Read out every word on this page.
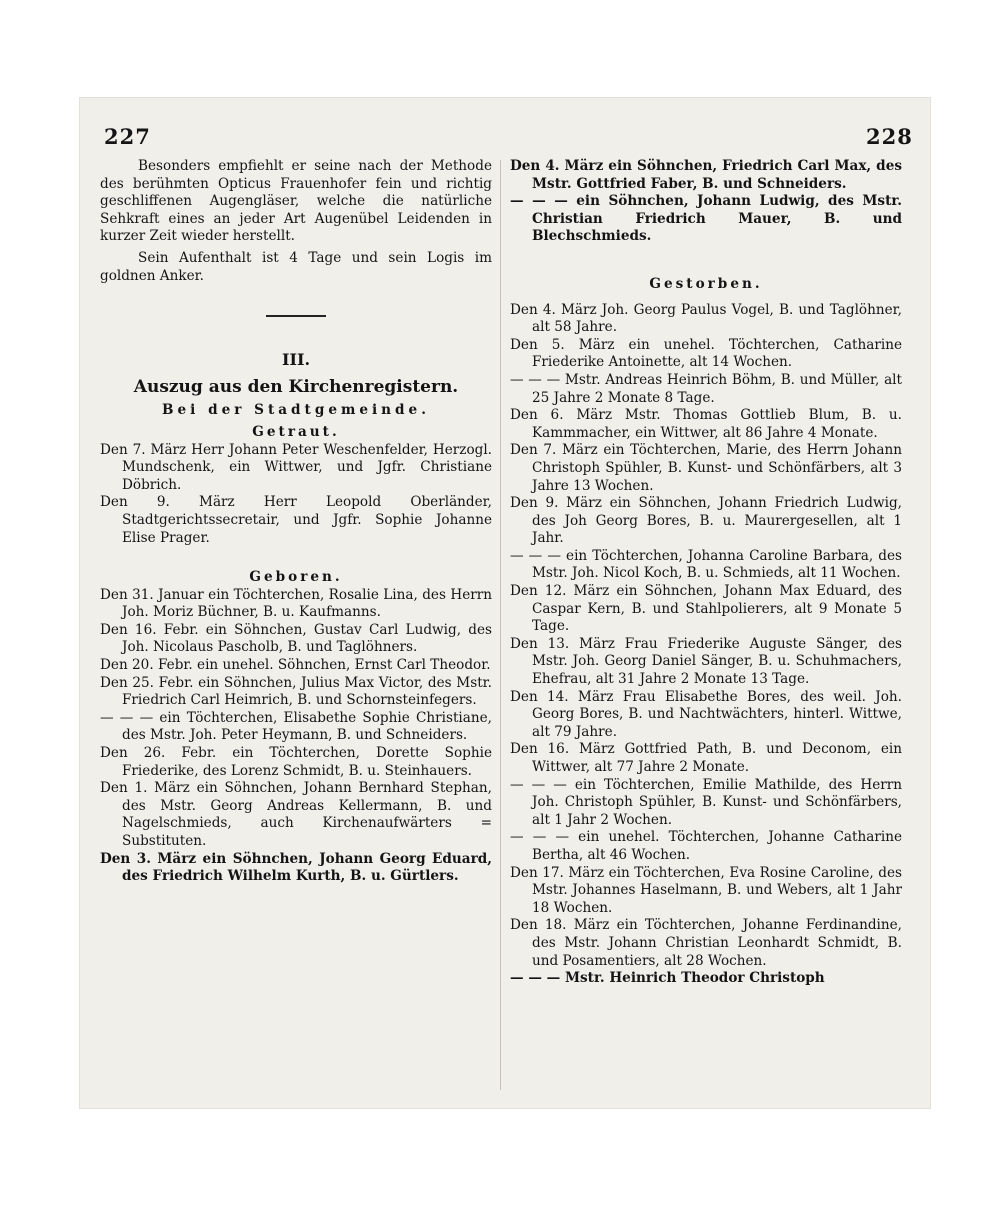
227	228

Besonders empfiehlt er seine nach der Methode des berühmten Opticus Frauenhofer fein und richtig geschliffenen Augengläser, welche die natürliche Sehkraft eines an jeder Art Augenübel Leidenden in kurzer Zeit wieder herstellt.

Sein Aufenthalt ist 4 Tage und sein Logis im goldnen Anker.

III.

Auszug aus den Kirchenregistern.

Bei der Stadtgemeinde.

Getraut.

Den 7. März Herr Johann Peter Weschenfelder, Herzogl. Mundschenk, ein Wittwer, und Jgfr. Christiane Döbrich.

Den 9. März Herr Leopold Oberländer, Stadtgerichtssecretair, und Jgfr. Sophie Johanne Elise Prager.

Geboren.

Den 31. Januar ein Töchterchen, Rosalie Lina, des Herrn Joh. Moriz Büchner, B. u. Kaufmanns.

Den 16. Febr. ein Söhnchen, Gustav Carl Ludwig, des Joh. Nicolaus Pascholb, B. und Taglöhners.

Den 20. Febr. ein unehel. Söhnchen, Ernst Carl Theodor.

Den 25. Febr. ein Söhnchen, Julius Max Victor, des Mstr. Friedrich Carl Heimrich, B. und Schornsteinfegers.

— — — ein Töchterchen, Elisabethe Sophie Christiane, des Mstr. Joh. Peter Heymann, B. und Schneiders.

Den 26. Febr. ein Töchterchen, Dorette Sophie Friederike, des Lorenz Schmidt, B. u. Steinhauers.

Den 1. März ein Söhnchen, Johann Bernhard Stephan, des Mstr. Georg Andreas Kellermann, B. und Nagelschmieds, auch Kirchenaufwärters = Substituten.

Den 3. März ein Söhnchen, Johann Georg Eduard, des Friedrich Wilhelm Kurth, B. u. Gürtlers.

Den 4. März ein Söhnchen, Friedrich Carl Max, des Mstr. Gottfried Faber, B. und Schneiders.

— — — ein Söhnchen, Johann Ludwig, des Mstr. Christian Friedrich Mauer, B. und Blechschmieds.

Gestorben.

Den 4. März Joh. Georg Paulus Vogel, B. und Taglöhner, alt 58 Jahre.

Den 5. März ein unehel. Töchterchen, Catharine Friederike Antoinette, alt 14 Wochen.

— — — Mstr. Andreas Heinrich Böhm, B. und Müller, alt 25 Jahre 2 Monate 8 Tage.

Den 6. März Mstr. Thomas Gottlieb Blum, B. u. Kammmacher, ein Wittwer, alt 86 Jahre 4 Monate.

Den 7. März ein Töchterchen, Marie, des Herrn Johann Christoph Spühler, B. Kunst- und Schönfärbers, alt 3 Jahre 13 Wochen.

Den 9. März ein Söhnchen, Johann Friedrich Ludwig, des Joh Georg Bores, B. u. Maurergesellen, alt 1 Jahr.

— — — ein Töchterchen, Johanna Caroline Barbara, des Mstr. Joh. Nicol Koch, B. u. Schmieds, alt 11 Wochen.

Den 12. März ein Söhnchen, Johann Max Eduard, des Caspar Kern, B. und Stahlpolierers, alt 9 Monate 5 Tage.

Den 13. März Frau Friederike Auguste Sänger, des Mstr. Joh. Georg Daniel Sänger, B. u. Schuhmachers, Ehefrau, alt 31 Jahre 2 Monate 13 Tage.

Den 14. März Frau Elisabethe Bores, des weil. Joh. Georg Bores, B. und Nachtwächters, hinterl. Wittwe, alt 79 Jahre.

Den 16. März Gottfried Path, B. und Deconom, ein Wittwer, alt 77 Jahre 2 Monate.

— — — ein Töchterchen, Emilie Mathilde, des Herrn Joh. Christoph Spühler, B. Kunst- und Schönfärbers, alt 1 Jahr 2 Wochen.

— — — ein unehel. Töchterchen, Johanne Catharine Bertha, alt 46 Wochen.

Den 17. März ein Töchterchen, Eva Rosine Caroline, des Mstr. Johannes Haselmann, B. und Webers, alt 1 Jahr 18 Wochen.

Den 18. März ein Töchterchen, Johanne Ferdinandine, des Mstr. Johann Christian Leonhardt Schmidt, B. und Posamentiers, alt 28 Wochen.

— — — Mstr. Heinrich Theodor Christoph
